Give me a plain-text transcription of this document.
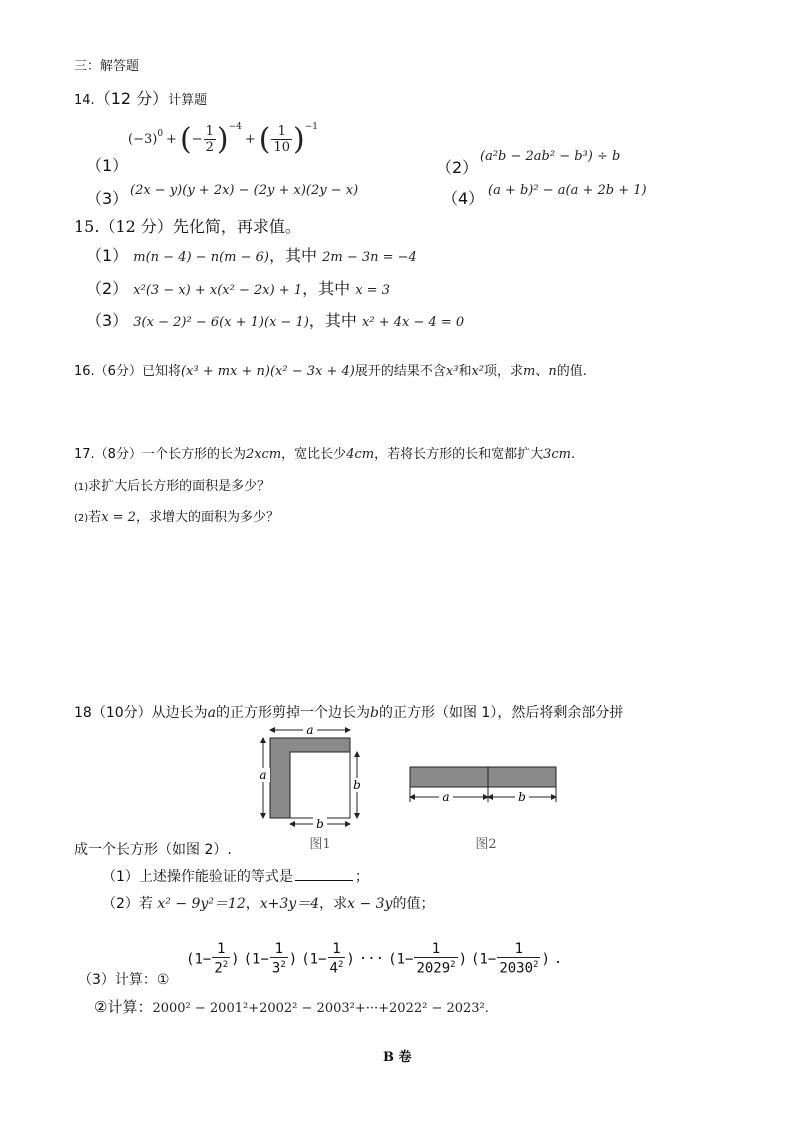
三：解答题
14.（12 分）计算题
（1）
$(-3)^0$ + ( − $\frac{1}{2} )^{-4}$
+ ( $\frac{1}{10} )^{-1}$
（2）
(a²b − 2ab² − b³) ÷ b
（3） (2x − y)(y + 2x) − (2y + x)(2y − x)	（4） (a + b)² − a(a + 2b + 1)
15.（12 分）先化简，再求值。
（1） m(n − 4) − n(m − 6)，其中 2m − 3n = −4
（2） x²(3 − x) + x(x² − 2x) + 1，其中 x = 3
（3） 3(x − 2)² − 6(x + 1)(x − 1)，其中 x² + 4x − 4 = 0
16.（6分）已知将(x³ + mx + n)(x² − 3x + 4)展开的结果不含x³和x²项，求m、n的值.
17.（8分）一个长方形的长为2xcm，宽比长少4cm，若将长方形的长和宽都扩大3cm.
(1)求扩大后长方形的面积是多少？
(2)若x = 2，求增大的面积为多少？
18（10分）从边长为a的正方形剪掉一个边长为b的正方形（如图 1），然后将剩余部分拼
a
a
b
b
图1
a	b
图2
成一个长方形（如图 2）.
（1）上述操作能验证的等式是	；
（2）若 x² − 9y²＝12，x+3y＝4，求x − 3y的值；
（3）计算：①
($1- \frac{1}{2^2}$ ) ($1- \frac{1}{3^2}$ ) ($1- \frac{1}{4^2}$ ) ··· ($1- \frac{1}{2029^2}$ ) ($1- \frac{1}{2030^2}$ ) .
②计算：2000² − 2001²+2002² − 2003²+···+2022² − 2023².
B 卷
